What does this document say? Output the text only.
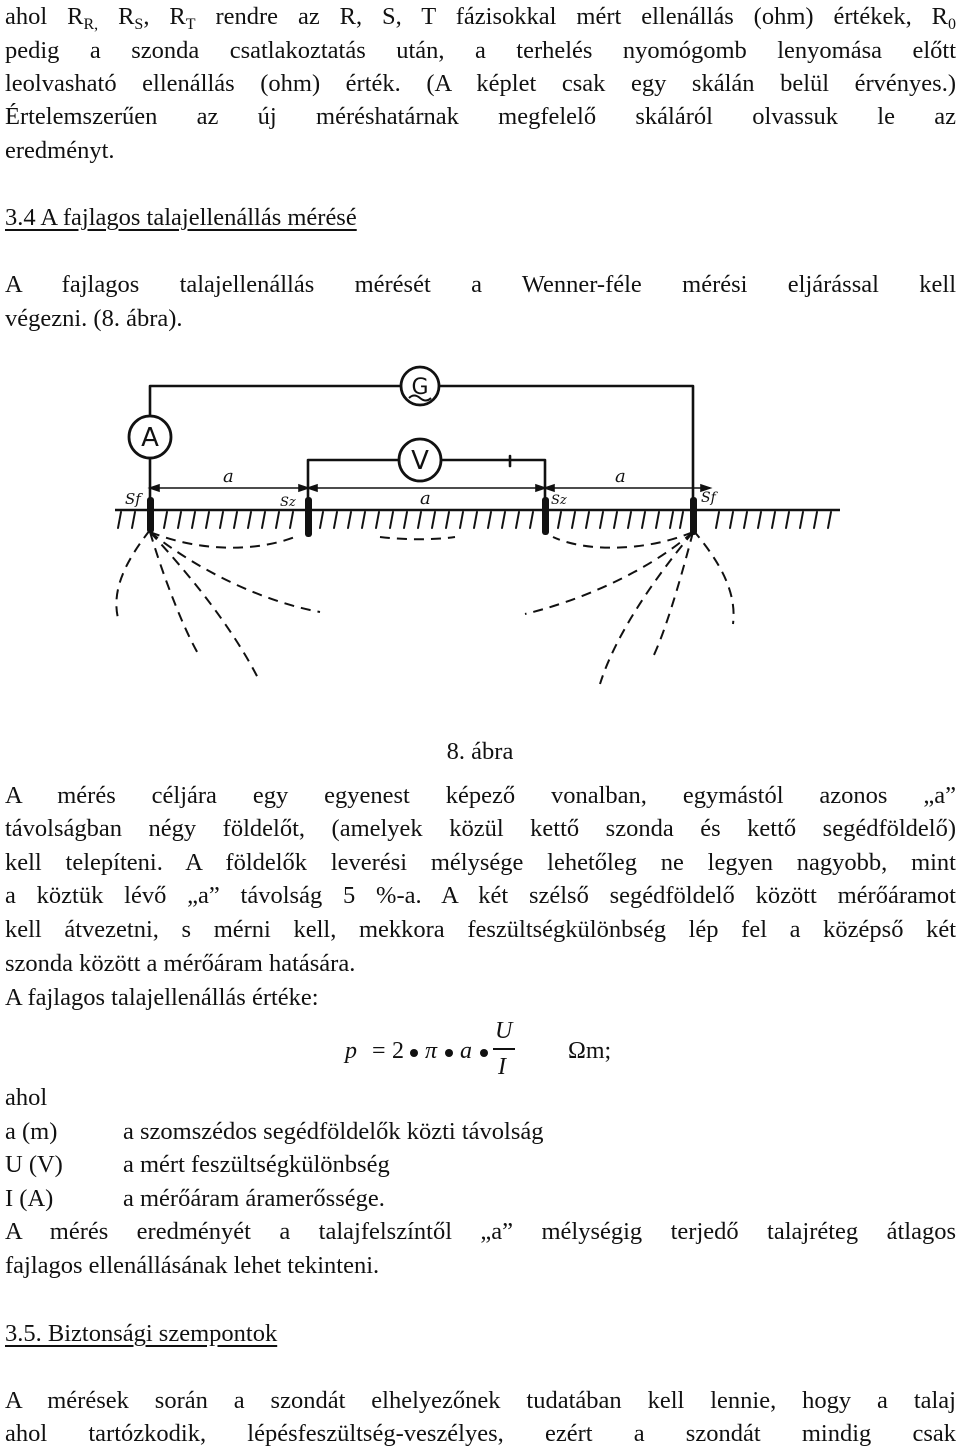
ahol $R_{R,}$ $R_S$, $R_T$ rendre az R, S, T fázisokkal mért ellenállás (ohm) értékek, $R_0$

pedig a szonda csatlakoztatás után, a terhelés nyomógomb lenyomása előtt

leolvasható ellenállás (ohm) érték. (A képlet csak egy skálán belül érvényes.)

Értelemszerűen az új méréshatárnak megfelelő skáláról olvassuk le az

eredményt.

3.4 A fajlagos talajellenállás mérésé

A fajlagos talajellenállás mérését a Wenner-féle mérési eljárással kell

végezni. (8. ábra).

G
A
V
a
a
a
Sf	Sz	Sz	Sf

8. ábra

A mérés céljára egy egyenest képező vonalban, egymástól azonos „a”

távolságban négy földelőt, (amelyek közül kettő szonda és kettő segédföldelő)

kell telepíteni. A földelők leverési mélysége lehetőleg ne legyen nagyobb, mint

a köztük lévő „a” távolság 5 %-a. A két szélső segédföldelő között mérőáramot

kell átvezetni, s mérni kell, mekkora feszültségkülönbség lép fel a középső két

szonda között a mérőáram hatására.

A fajlagos talajellenállás értéke:

p = 2 π a
U
I
Ωm;

ahol

a (m)	a szomszédos segédföldelők közti távolság
U (V) a mért feszültségkülönbség
I (A)	a mérőáram áramerőssége.

A mérés eredményét a talajfelszíntől „a” mélységig terjedő talajréteg átlagos

fajlagos ellenállásának lehet tekinteni.

3.5. Biztonsági szempontok

A mérések során a szondát elhelyezőnek tudatában kell lennie, hogy a talaj

ahol tartózkodik, lépésfeszültség-veszélyes, ezért a szondát mindig csak
